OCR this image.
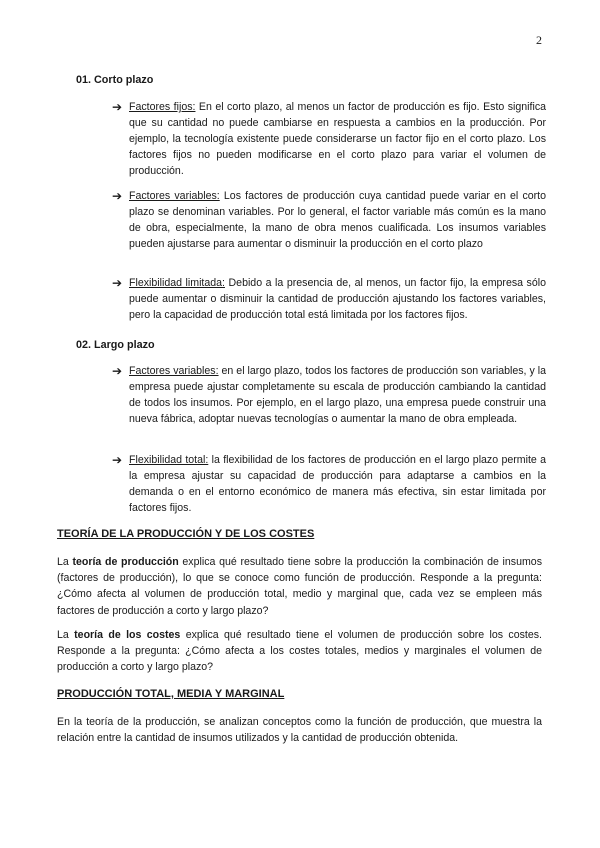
2
01. Corto plazo
➔ Factores fijos: En el corto plazo, al menos un factor de producción es fijo. Esto significa que su cantidad no puede cambiarse en respuesta a cambios en la producción. Por ejemplo, la tecnología existente puede considerarse un factor fijo en el corto plazo. Los factores fijos no pueden modificarse en el corto plazo para variar el volumen de producción.
➔ Factores variables: Los factores de producción cuya cantidad puede variar en el corto plazo se denominan variables. Por lo general, el factor variable más común es la mano de obra, especialmente, la mano de obra menos cualificada. Los insumos variables pueden ajustarse para aumentar o disminuir la producción en el corto plazo
➔ Flexibilidad limitada: Debido a la presencia de, al menos, un factor fijo, la empresa sólo puede aumentar o disminuir la cantidad de producción ajustando los factores variables, pero la capacidad de producción total está limitada por los factores fijos.
02. Largo plazo
➔ Factores variables: en el largo plazo, todos los factores de producción son variables, y la empresa puede ajustar completamente su escala de producción cambiando la cantidad de todos los insumos. Por ejemplo, en el largo plazo, una empresa puede construir una nueva fábrica, adoptar nuevas tecnologías o aumentar la mano de obra empleada.
➔ Flexibilidad total: la flexibilidad de los factores de producción en el largo plazo permite a la empresa ajustar su capacidad de producción para adaptarse a cambios en la demanda o en el entorno económico de manera más efectiva, sin estar limitada por factores fijos.
TEORÍA DE LA PRODUCCIÓN Y DE LOS COSTES
La teoría de producción explica qué resultado tiene sobre la producción la combinación de insumos (factores de producción), lo que se conoce como función de producción. Responde a la pregunta: ¿Cómo afecta al volumen de producción total, medio y marginal que, cada vez se empleen más factores de producción a corto y largo plazo?
La teoría de los costes explica qué resultado tiene el volumen de producción sobre los costes. Responde a la pregunta: ¿Cómo afecta a los costes totales, medios y marginales el volumen de producción a corto y largo plazo?
PRODUCCIÓN TOTAL, MEDIA Y MARGINAL
En la teoría de la producción, se analizan conceptos como la función de producción, que muestra la relación entre la cantidad de insumos utilizados y la cantidad de producción obtenida.
